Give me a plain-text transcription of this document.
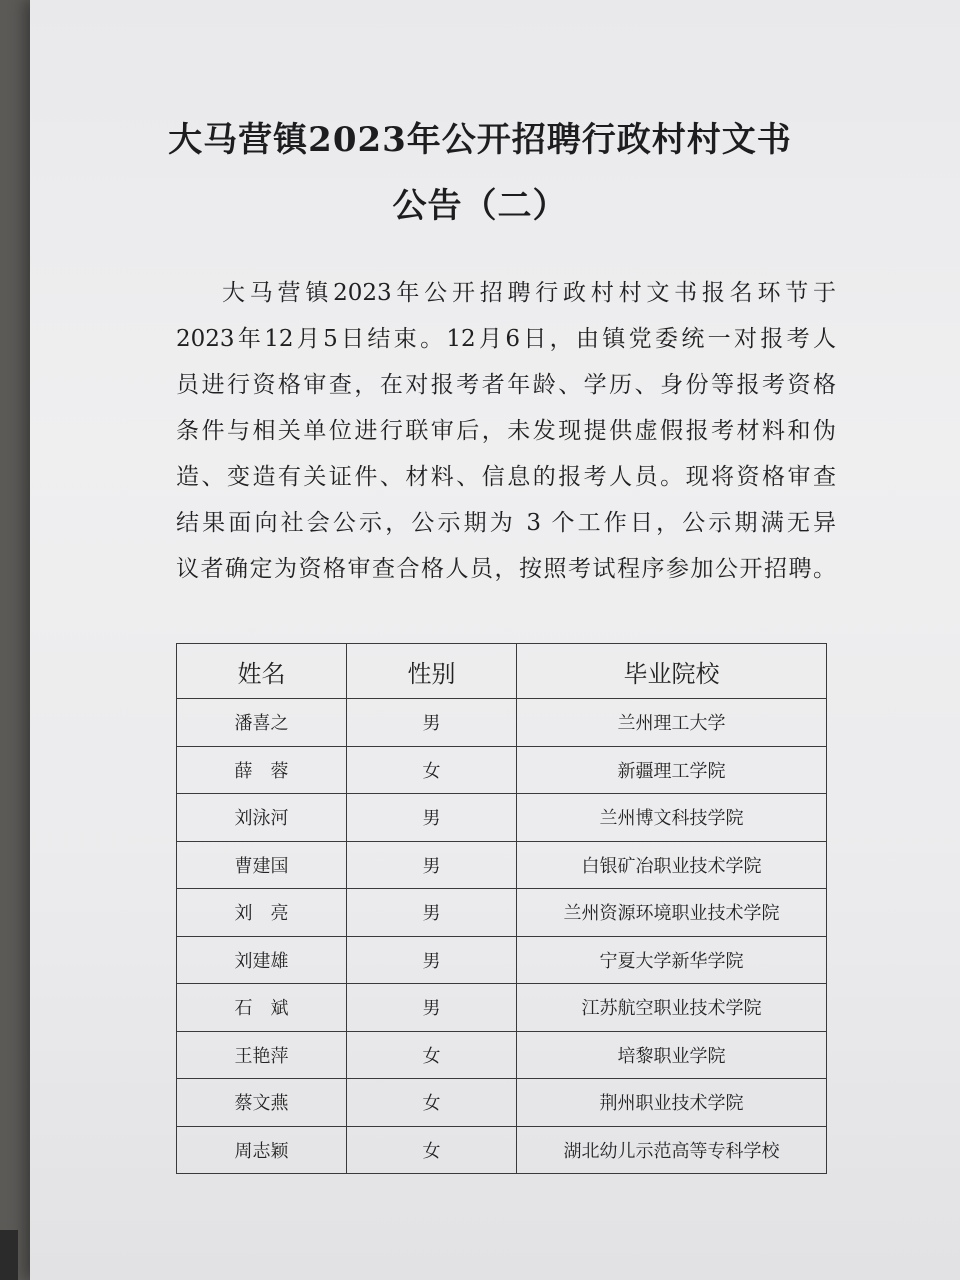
大马营镇2023年公开招聘行政村村文书
公告（二）
大马营镇2023年公开招聘行政村村文书报名环节于
2023年12月5日结束。12月6日，由镇党委统一对报考人
员进行资格审查，在对报考者年龄、学历、身份等报考资格
条件与相关单位进行联审后，未发现提供虚假报考材料和伪
造、变造有关证件、材料、信息的报考人员。现将资格审查
结果面向社会公示，公示期为 3 个工作日，公示期满无异
议者确定为资格审查合格人员，按照考试程序参加公开招聘。
姓名	性别	毕业院校
潘喜之	男	兰州理工大学
薛　蓉	女	新疆理工学院
刘泳河	男	兰州博文科技学院
曹建国	男	白银矿冶职业技术学院
刘　亮	男	兰州资源环境职业技术学院
刘建雄	男	宁夏大学新华学院
石　斌	男	江苏航空职业技术学院
王艳萍	女	培黎职业学院
蔡文燕	女	荆州职业技术学院
周志颖	女	湖北幼儿示范高等专科学校
